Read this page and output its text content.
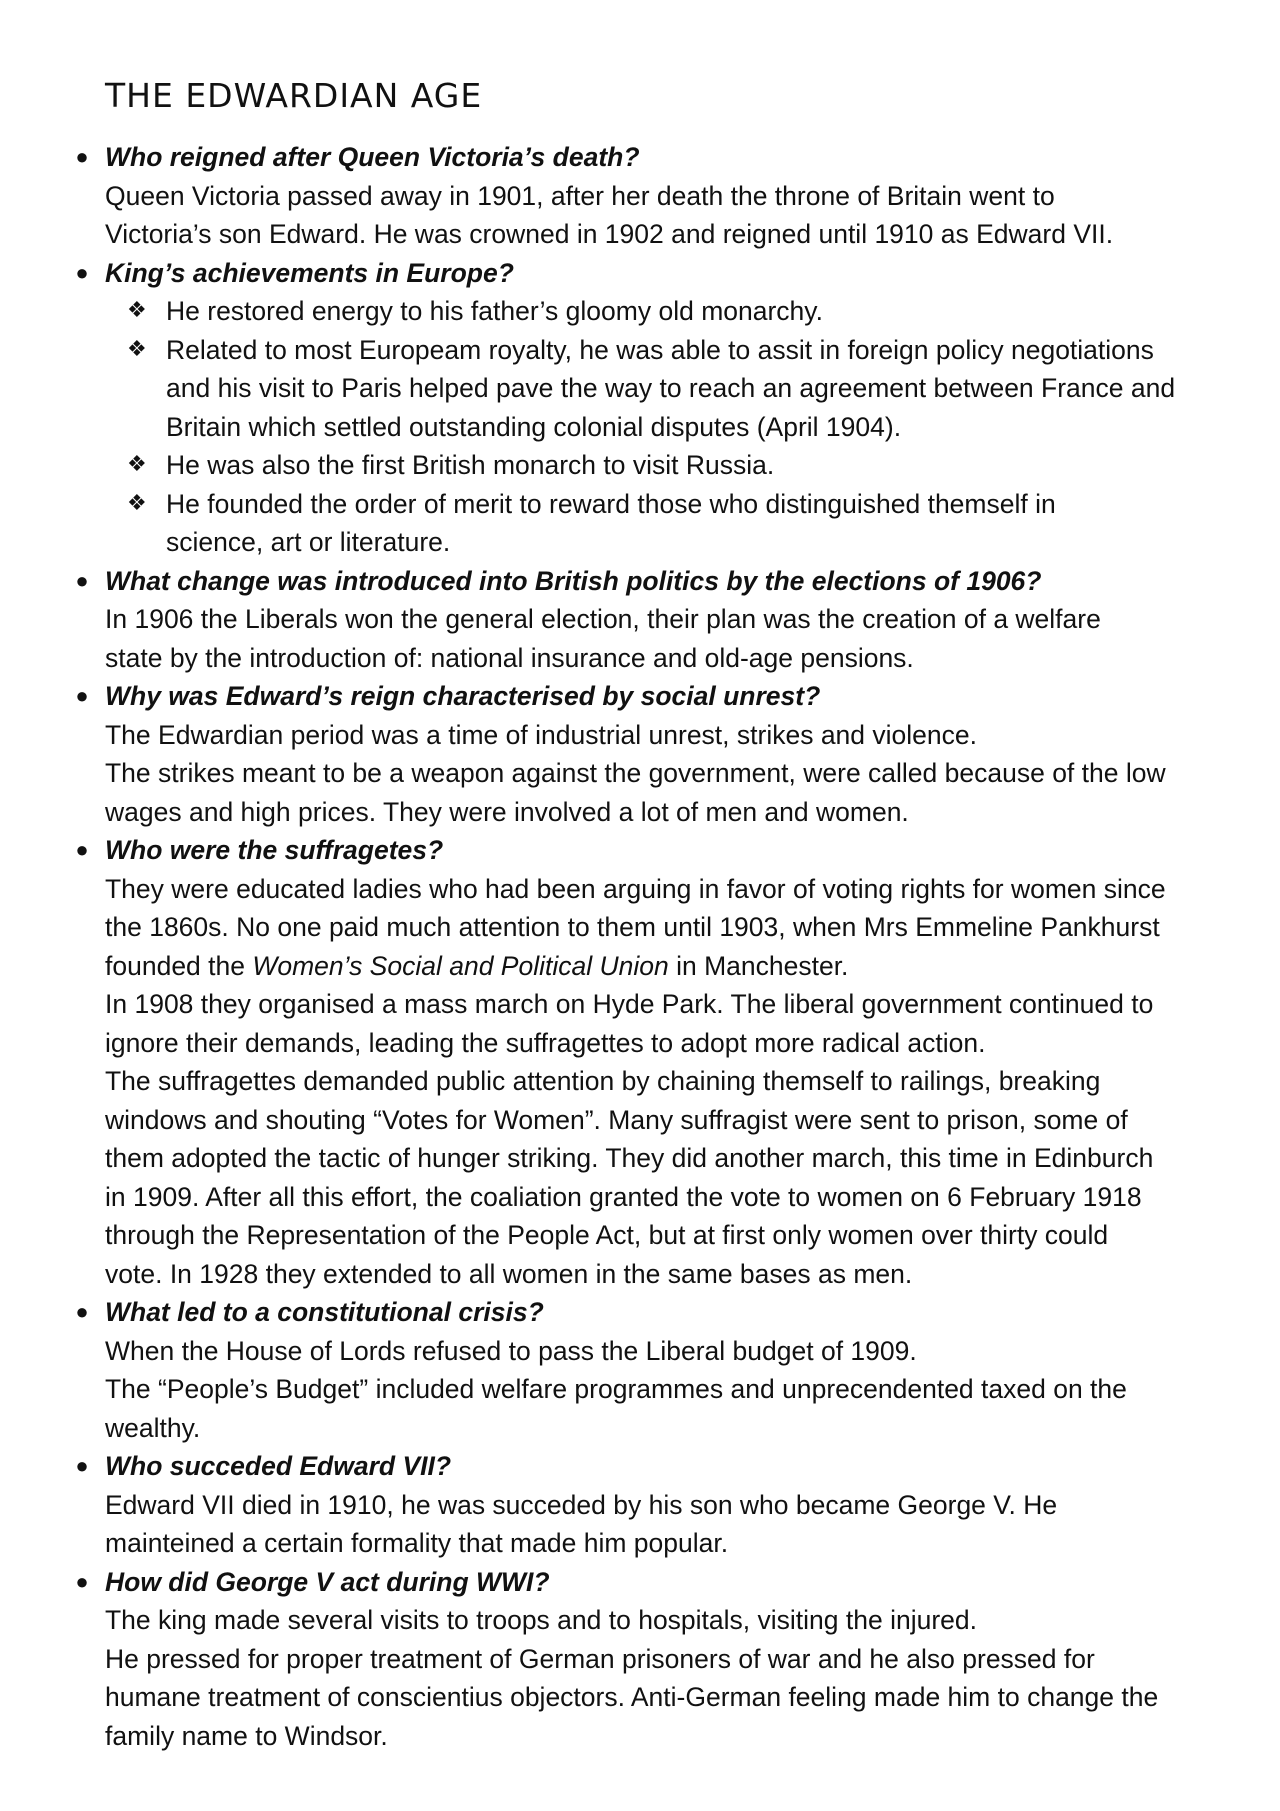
THE EDWARDIAN AGE
● Who reigned after Queen Victoria’s death?
Queen Victoria passed away in 1901, after her death the throne of Britain went to
Victoria’s son Edward. He was crowned in 1902 and reigned until 1910 as Edward VII.
● King’s achievements in Europe?
❖ He restored energy to his father’s gloomy old monarchy.
❖ Related to most Europeam royalty, he was able to assit in foreign policy negotiations
and his visit to Paris helped pave the way to reach an agreement between France and
Britain which settled outstanding colonial disputes (April 1904).
❖ He was also the first British monarch to visit Russia.
❖ He founded the order of merit to reward those who distinguished themself in
science, art or literature.
● What change was introduced into British politics by the elections of 1906?
In 1906 the Liberals won the general election, their plan was the creation of a welfare
state by the introduction of: national insurance and old-age pensions.
● Why was Edward’s reign characterised by social unrest?
The Edwardian period was a time of industrial unrest, strikes and violence.
The strikes meant to be a weapon against the government, were called because of the low
wages and high prices. They were involved a lot of men and women.
● Who were the suffragetes?
They were educated ladies who had been arguing in favor of voting rights for women since
the 1860s. No one paid much attention to them until 1903, when Mrs Emmeline Pankhurst
founded the Women’s Social and Political Union in Manchester.
In 1908 they organised a mass march on Hyde Park. The liberal government continued to
ignore their demands, leading the suffragettes to adopt more radical action.
The suffragettes demanded public attention by chaining themself to railings, breaking
windows and shouting “Votes for Women”. Many suffragist were sent to prison, some of
them adopted the tactic of hunger striking. They did another march, this time in Edinburch
in 1909. After all this effort, the coaliation granted the vote to women on 6 February 1918
through the Representation of the People Act, but at first only women over thirty could
vote. In 1928 they extended to all women in the same bases as men.
● What led to a constitutional crisis?
When the House of Lords refused to pass the Liberal budget of 1909.
The “People’s Budget” included welfare programmes and unprecendented taxed on the
wealthy.
● Who succeded Edward VII?
Edward VII died in 1910, he was succeded by his son who became George V. He
mainteined a certain formality that made him popular.
● How did George V act during WWI?
The king made several visits to troops and to hospitals, visiting the injured.
He pressed for proper treatment of German prisoners of war and he also pressed for
humane treatment of conscientius objectors. Anti-German feeling made him to change the
family name to Windsor.
